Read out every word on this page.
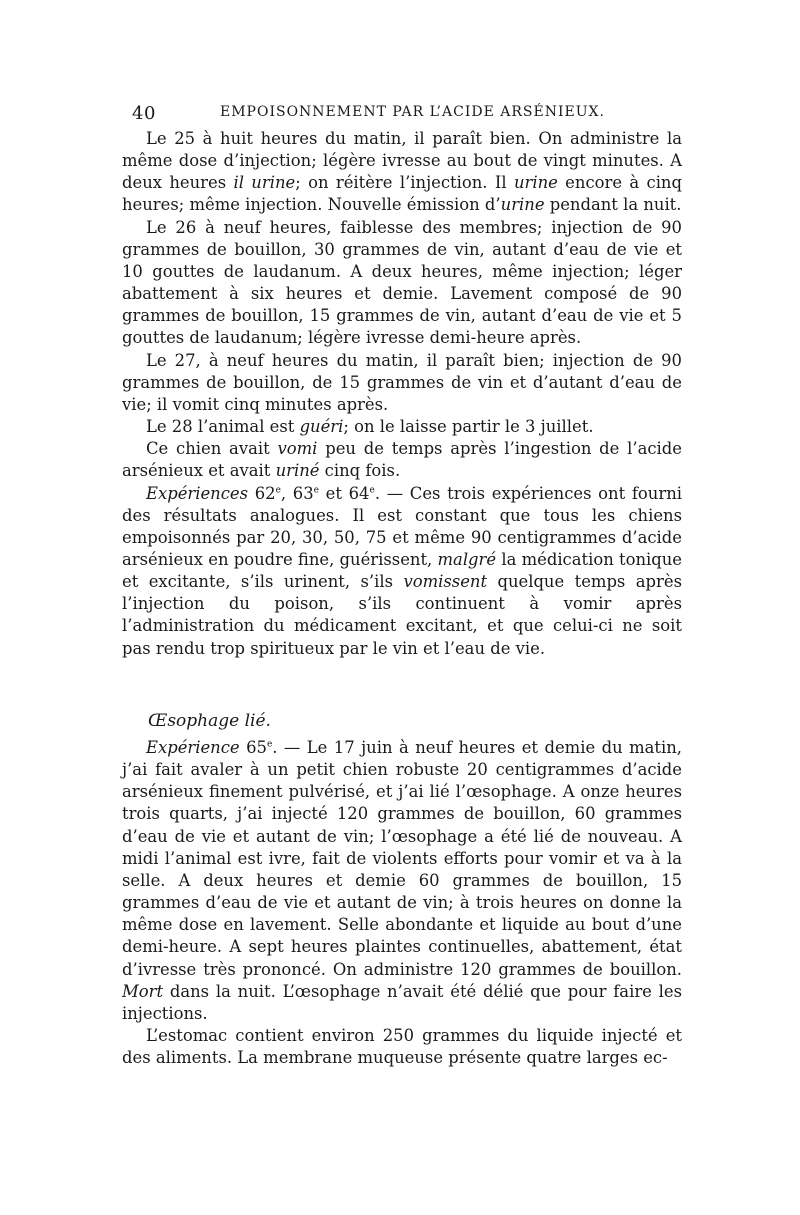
40	EMPOISONNEMENT PAR L’ACIDE ARSÉNIEUX.

Le 25 à huit heures du matin, il paraît bien. On administre la même dose d’injection; légère ivresse au bout de vingt minutes. A deux heures il urine; on réitère l’injection. Il urine encore à cinq heures; même injection. Nouvelle émission d’urine pendant la nuit.

Le 26 à neuf heures, faiblesse des membres; injection de 90 grammes de bouillon, 30 grammes de vin, autant d’eau de vie et 10 gouttes de laudanum. A deux heures, même injection; léger abattement à six heures et demie. Lavement composé de 90 grammes de bouillon, 15 grammes de vin, autant d’eau de vie et 5 gouttes de laudanum; légère ivresse demi-heure après.

Le 27, à neuf heures du matin, il paraît bien; injection de 90 grammes de bouillon, de 15 grammes de vin et d’autant d’eau de vie; il vomit cinq minutes après.

Le 28 l’animal est guéri; on le laisse partir le 3 juillet.

Ce chien avait vomi peu de temps après l’ingestion de l’acide arsénieux et avait uriné cinq fois.

Expériences 62e, 63e et 64e. — Ces trois expériences ont fourni des résultats analogues. Il est constant que tous les chiens empoisonnés par 20, 30, 50, 75 et même 90 centigrammes d’acide arsénieux en poudre fine, guérissent, malgré la médication tonique et excitante, s’ils urinent, s’ils vomissent quelque temps après l’injection du poison, s’ils continuent à vomir après l’administration du médicament excitant, et que celui-ci ne soit pas rendu trop spiritueux par le vin et l’eau de vie.

Œsophage lié.

Expérience 65e. — Le 17 juin à neuf heures et demie du matin, j’ai fait avaler à un petit chien robuste 20 centigrammes d’acide arsénieux finement pulvérisé, et j’ai lié l’œsophage. A onze heures trois quarts, j’ai injecté 120 grammes de bouillon, 60 grammes d’eau de vie et autant de vin; l’œsophage a été lié de nouveau. A midi l’animal est ivre, fait de violents efforts pour vomir et va à la selle. A deux heures et demie 60 grammes de bouillon, 15 grammes d’eau de vie et autant de vin; à trois heures on donne la même dose en lavement. Selle abondante et liquide au bout d’une demi-heure. A sept heures plaintes continuelles, abattement, état d’ivresse très prononcé. On administre 120 grammes de bouillon. Mort dans la nuit. L’œsophage n’avait été délié que pour faire les injections.

L’estomac contient environ 250 grammes du liquide injecté et des aliments. La membrane muqueuse présente quatre larges ec-
